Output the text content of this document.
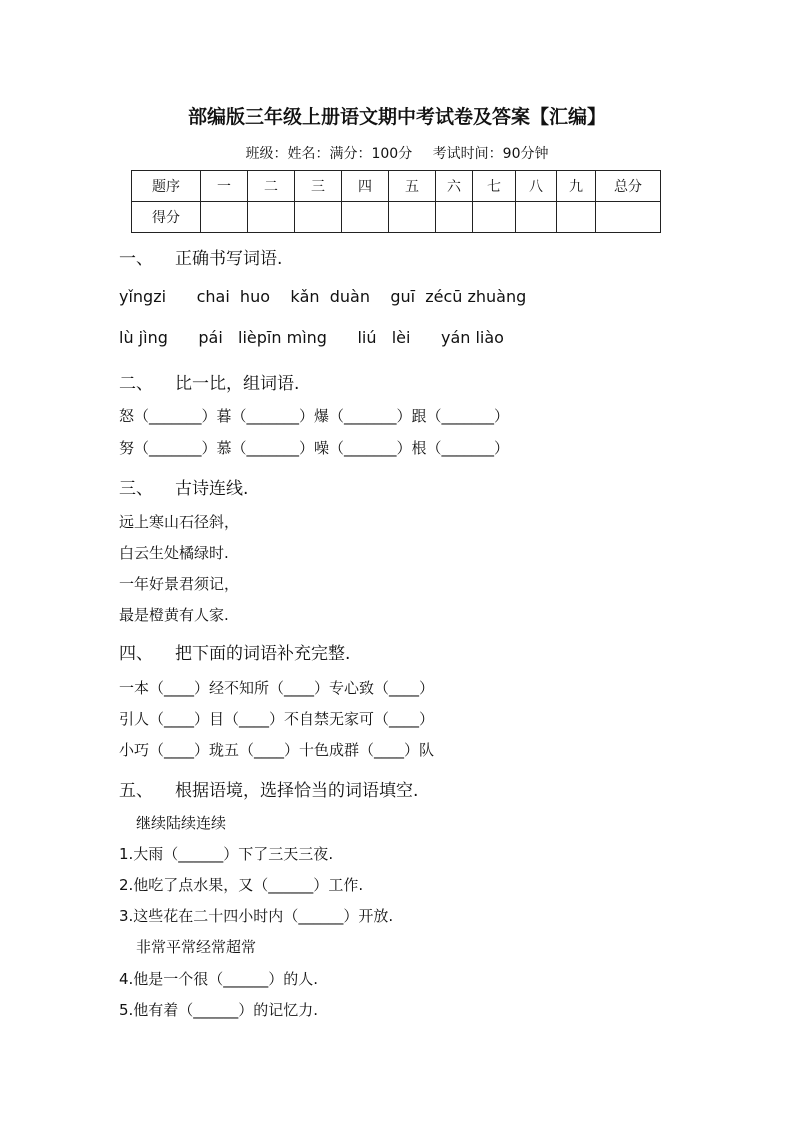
部编版三年级上册语文期中考试卷及答案【汇编】
班级：姓名：满分：100分 考试时间：90分钟
题序	一	二	三	四	五	六	七	八	九	总分
得分										
一、 正确书写词语.
yǐngzi      chai  huo    kǎn  duàn    guī  zécū zhuàng
lù jìng      pái   lièpīn mìng      liú   lèi      yán liào
二、 比一比，组词语.
怒（_______）暮（_______）爆（_______）跟（_______）
努（_______）慕（_______）噪（_______）根（_______）
三、 古诗连线.
远上寒山石径斜，
白云生处橘绿时.
一年好景君须记，
最是橙黄有人家.
四、 把下面的词语补充完整.
一本（____）经不知所（____）专心致（____）
引人（____）目（____）不自禁无家可（____）
小巧（____）珑五（____）十色成群（____）队
五、 根据语境，选择恰当的词语填空.
继续陆续连续
1.大雨（______）下了三天三夜.
2.他吃了点水果，又（______）工作.
3.这些花在二十四小时内（______）开放.
非常平常经常超常
4.他是一个很（______）的人.
5.他有着（______）的记忆力.
